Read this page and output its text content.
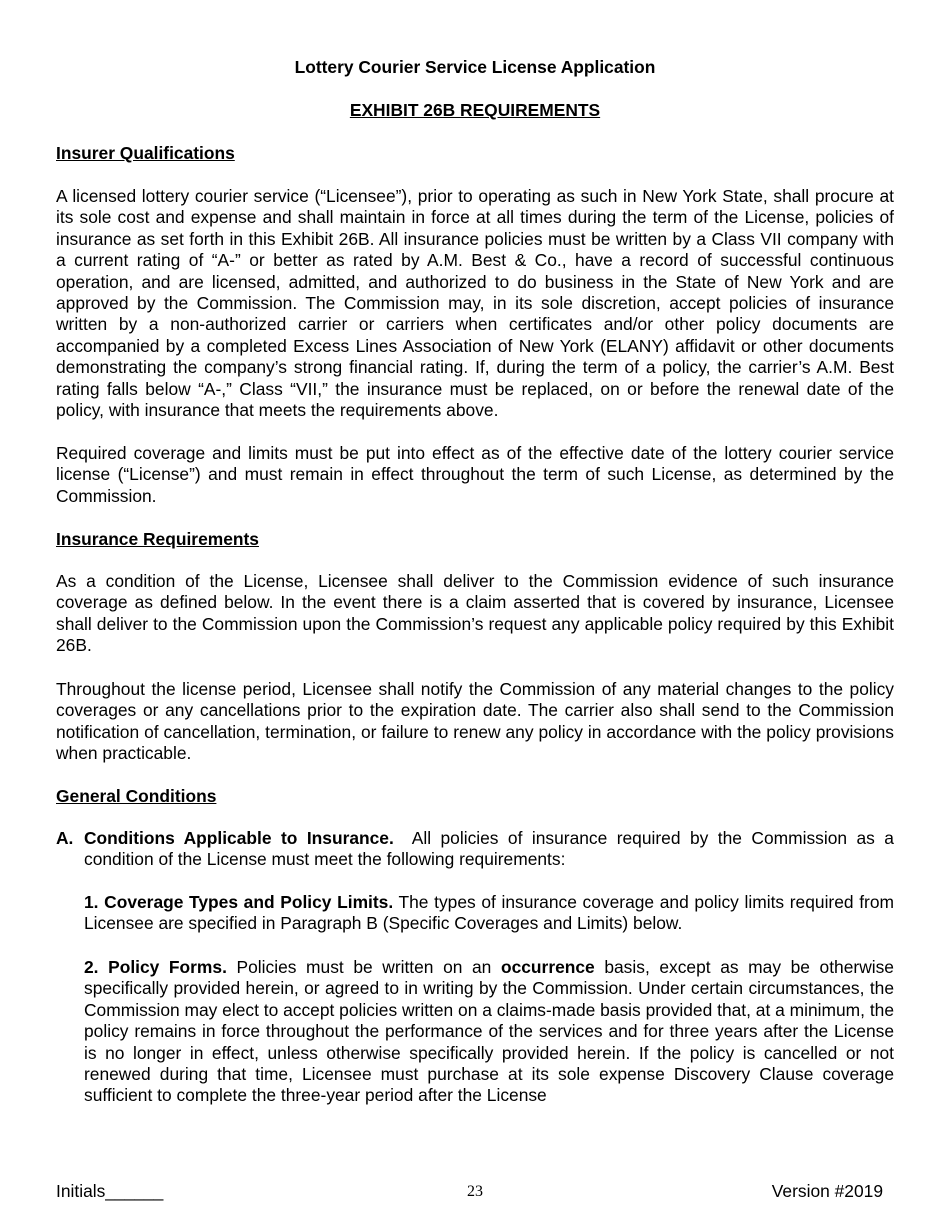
Lottery Courier Service License Application
EXHIBIT 26B REQUIREMENTS
Insurer Qualifications

A licensed lottery courier service (“Licensee”), prior to operating as such in New York State, shall procure at its sole cost and expense and shall maintain in force at all times during the term of the License, policies of insurance as set forth in this Exhibit 26B. All insurance policies must be written by a Class VII company with a current rating of “A-” or better as rated by A.M. Best & Co., have a record of successful continuous operation, and are licensed, admitted, and authorized to do business in the State of New York and are approved by the Commission. The Commission may, in its sole discretion, accept policies of insurance written by a non-authorized carrier or carriers when certificates and/or other policy documents are accompanied by a completed Excess Lines Association of New York (ELANY) affidavit or other documents demonstrating the company’s strong financial rating. If, during the term of a policy, the carrier’s A.M. Best rating falls below “A-,” Class “VII,” the insurance must be replaced, on or before the renewal date of the policy, with insurance that meets the requirements above.

Required coverage and limits must be put into effect as of the effective date of the lottery courier service license (“License”) and must remain in effect throughout the term of such License, as determined by the Commission.

Insurance Requirements

As a condition of the License, Licensee shall deliver to the Commission evidence of such insurance coverage as defined below. In the event there is a claim asserted that is covered by insurance, Licensee shall deliver to the Commission upon the Commission’s request any applicable policy required by this Exhibit 26B.

Throughout the license period, Licensee shall notify the Commission of any material changes to the policy coverages or any cancellations prior to the expiration date. The carrier also shall send to the Commission notification of cancellation, termination, or failure to renew any policy in accordance with the policy provisions when practicable.

General Conditions
A. Conditions Applicable to Insurance. All policies of insurance required by the Commission as a condition of the License must meet the following requirements:

1. Coverage Types and Policy Limits. The types of insurance coverage and policy limits required from Licensee are specified in Paragraph B (Specific Coverages and Limits) below.

2. Policy Forms. Policies must be written on an occurrence basis, except as may be otherwise specifically provided herein, or agreed to in writing by the Commission. Under certain circumstances, the Commission may elect to accept policies written on a claims-made basis provided that, at a minimum, the policy remains in force throughout the performance of the services and for three years after the License is no longer in effect, unless otherwise specifically provided herein. If the policy is cancelled or not renewed during that time, Licensee must purchase at its sole expense Discovery Clause coverage sufficient to complete the three-year period after the License

Initials______	23	Version #2019
